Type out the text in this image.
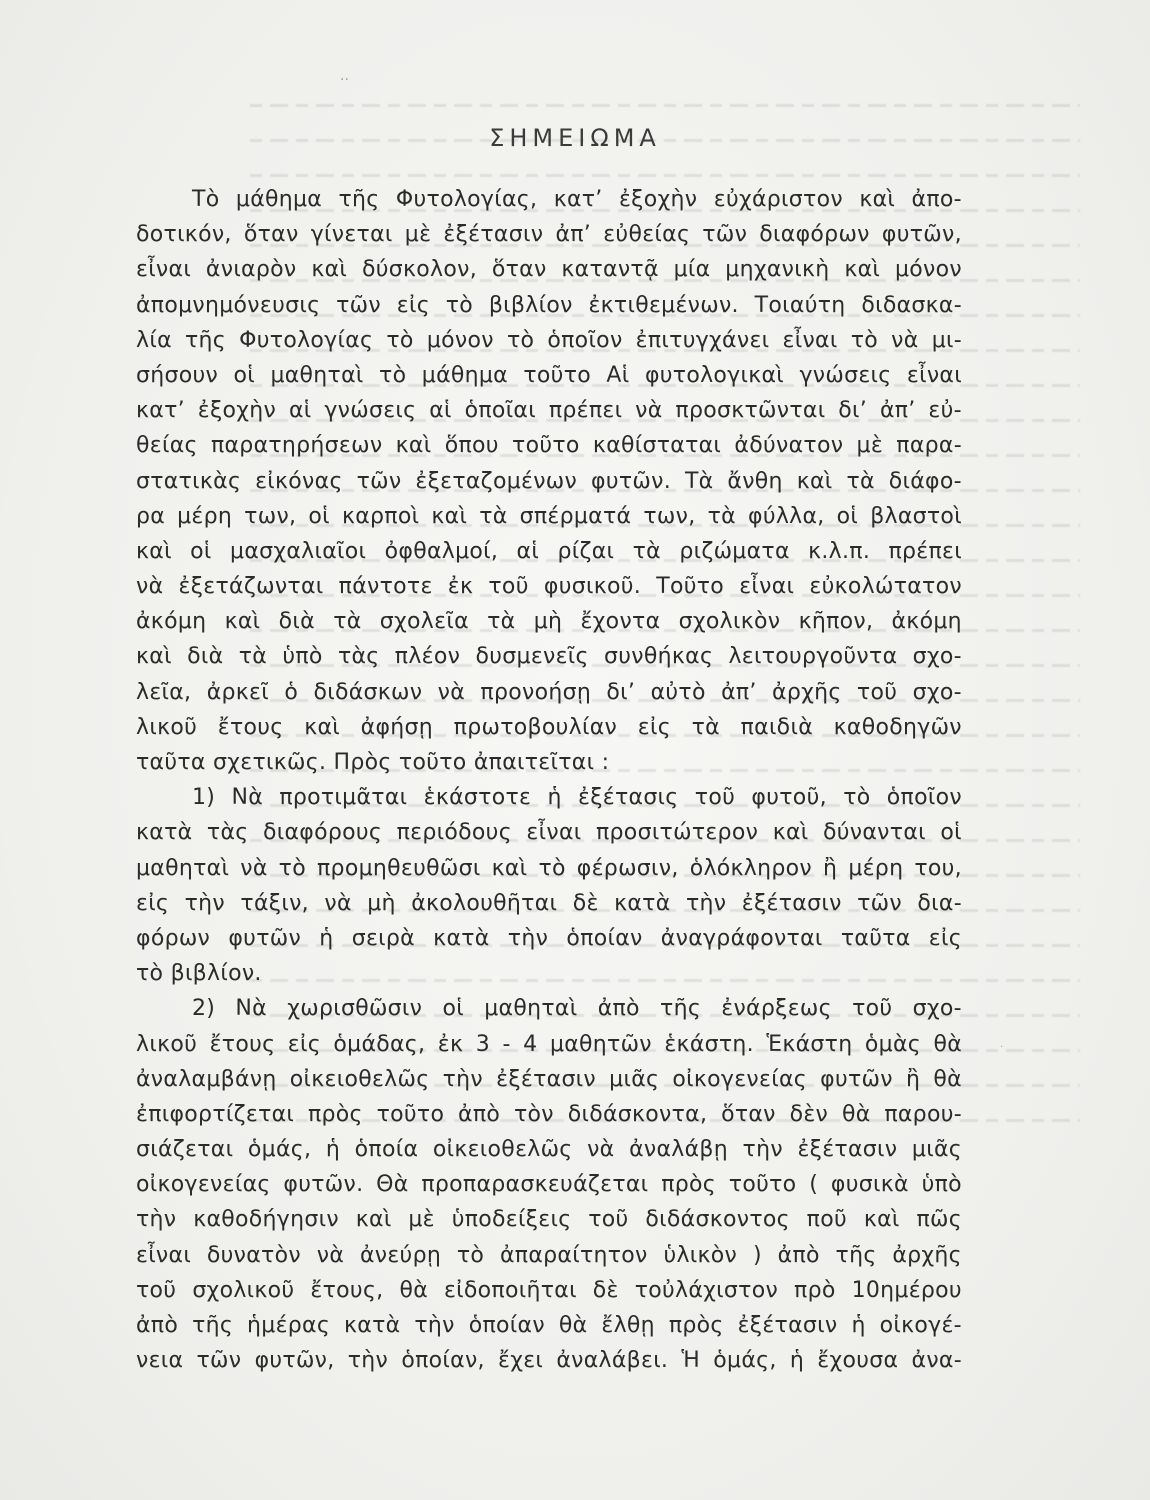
··
·
ΣΗΜΕΙΩΜΑ
Τὸ μάθημα τῆς Φυτολογίας, κατ’ ἐξοχὴν εὐχάριστον καὶ ἀπο-
δοτικόν, ὅταν γίνεται μὲ ἐξέτασιν ἀπ’ εὐθείας τῶν διαφόρων φυτῶν,
εἶναι ἀνιαρὸν καὶ δύσκολον, ὅταν καταντᾷ μία μηχανικὴ καὶ μόνον
ἀπομνημόνευσις τῶν εἰς τὸ βιβλίον ἐκτιθεμένων. Τοιαύτη διδασκα-
λία τῆς Φυτολογίας τὸ μόνον τὸ ὁποῖον ἐπιτυγχάνει εἶναι τὸ νὰ μι-
σήσουν οἱ μαθηταὶ τὸ μάθημα τοῦτο Αἱ φυτολογικαὶ γνώσεις εἶναι
κατ’ ἐξοχὴν αἱ γνώσεις αἱ ὁποῖαι πρέπει νὰ προσκτῶνται δι’ ἀπ’ εὐ-
θείας παρατηρήσεων καὶ ὅπου τοῦτο καθίσταται ἀδύνατον μὲ παρα-
στατικὰς εἰκόνας τῶν ἐξεταζομένων φυτῶν. Τὰ ἄνθη καὶ τὰ διάφο-
ρα μέρη των, οἱ καρποὶ καὶ τὰ σπέρματά των, τὰ φύλλα, οἱ βλαστοὶ
καὶ οἱ μασχαλιαῖοι ὀφθαλμοί, αἱ ρίζαι τὰ ριζώματα κ.λ.π. πρέπει
νὰ ἐξετάζωνται πάντοτε ἐκ τοῦ φυσικοῦ. Τοῦτο εἶναι εὐκολώτατον
ἀκόμη καὶ διὰ τὰ σχολεῖα τὰ μὴ ἔχοντα σχολικὸν κῆπον, ἀκόμη
καὶ διὰ τὰ ὑπὸ τὰς πλέον δυσμενεῖς συνθήκας λειτουργοῦντα σχο-
λεῖα, ἀρκεῖ ὁ διδάσκων νὰ προνοήσῃ δι’ αὐτὸ ἀπ’ ἀρχῆς τοῦ σχο-
λικοῦ ἔτους καὶ ἀφήσῃ πρωτοβουλίαν εἰς τὰ παιδιὰ καθοδηγῶν
ταῦτα σχετικῶς. Πρὸς τοῦτο ἀπαιτεῖται :
1) Νὰ προτιμᾶται ἑκάστοτε ἡ ἐξέτασις τοῦ φυτοῦ, τὸ ὁποῖον
κατὰ τὰς διαφόρους περιόδους εἶναι προσιτώτερον καὶ δύνανται οἱ
μαθηταὶ νὰ τὸ προμηθευθῶσι καὶ τὸ φέρωσιν, ὁλόκληρον ἢ μέρη του,
εἰς τὴν τάξιν, νὰ μὴ ἀκολουθῆται δὲ κατὰ τὴν ἐξέτασιν τῶν δια-
φόρων φυτῶν ἡ σειρὰ κατὰ τὴν ὁποίαν ἀναγράφονται ταῦτα εἰς
τὸ βιβλίον.
2) Νὰ χωρισθῶσιν οἱ μαθηταὶ ἀπὸ τῆς ἐνάρξεως τοῦ σχο-
λικοῦ ἔτους εἰς ὁμάδας, ἐκ 3 - 4 μαθητῶν ἑκάστη. Ἑκάστη ὁμὰς θὰ
ἀναλαμβάνῃ οἰκειοθελῶς τὴν ἐξέτασιν μιᾶς οἰκογενείας φυτῶν ἢ θὰ
ἐπιφορτίζεται πρὸς τοῦτο ἀπὸ τὸν διδάσκοντα, ὅταν δὲν θὰ παρου-
σιάζεται ὁμάς, ἡ ὁποία οἰκειοθελῶς νὰ ἀναλάβῃ τὴν ἐξέτασιν μιᾶς
οἰκογενείας φυτῶν. Θὰ προπαρασκευάζεται πρὸς τοῦτο ( φυσικὰ ὑπὸ
τὴν καθοδήγησιν καὶ μὲ ὑποδείξεις τοῦ διδάσκοντος ποῦ καὶ πῶς
εἶναι δυνατὸν νὰ ἀνεύρῃ τὸ ἀπαραίτητον ὑλικὸν ) ἀπὸ τῆς ἀρχῆς
τοῦ σχολικοῦ ἔτους, θὰ εἰδοποιῆται δὲ τοὐλάχιστον πρὸ 10ημέρου
ἀπὸ τῆς ἡμέρας κατὰ τὴν ὁποίαν θὰ ἔλθῃ πρὸς ἐξέτασιν ἡ οἰκογέ-
νεια τῶν φυτῶν, τὴν ὁποίαν, ἔχει ἀναλάβει. Ἡ ὁμάς, ἡ ἔχουσα ἀνα-
